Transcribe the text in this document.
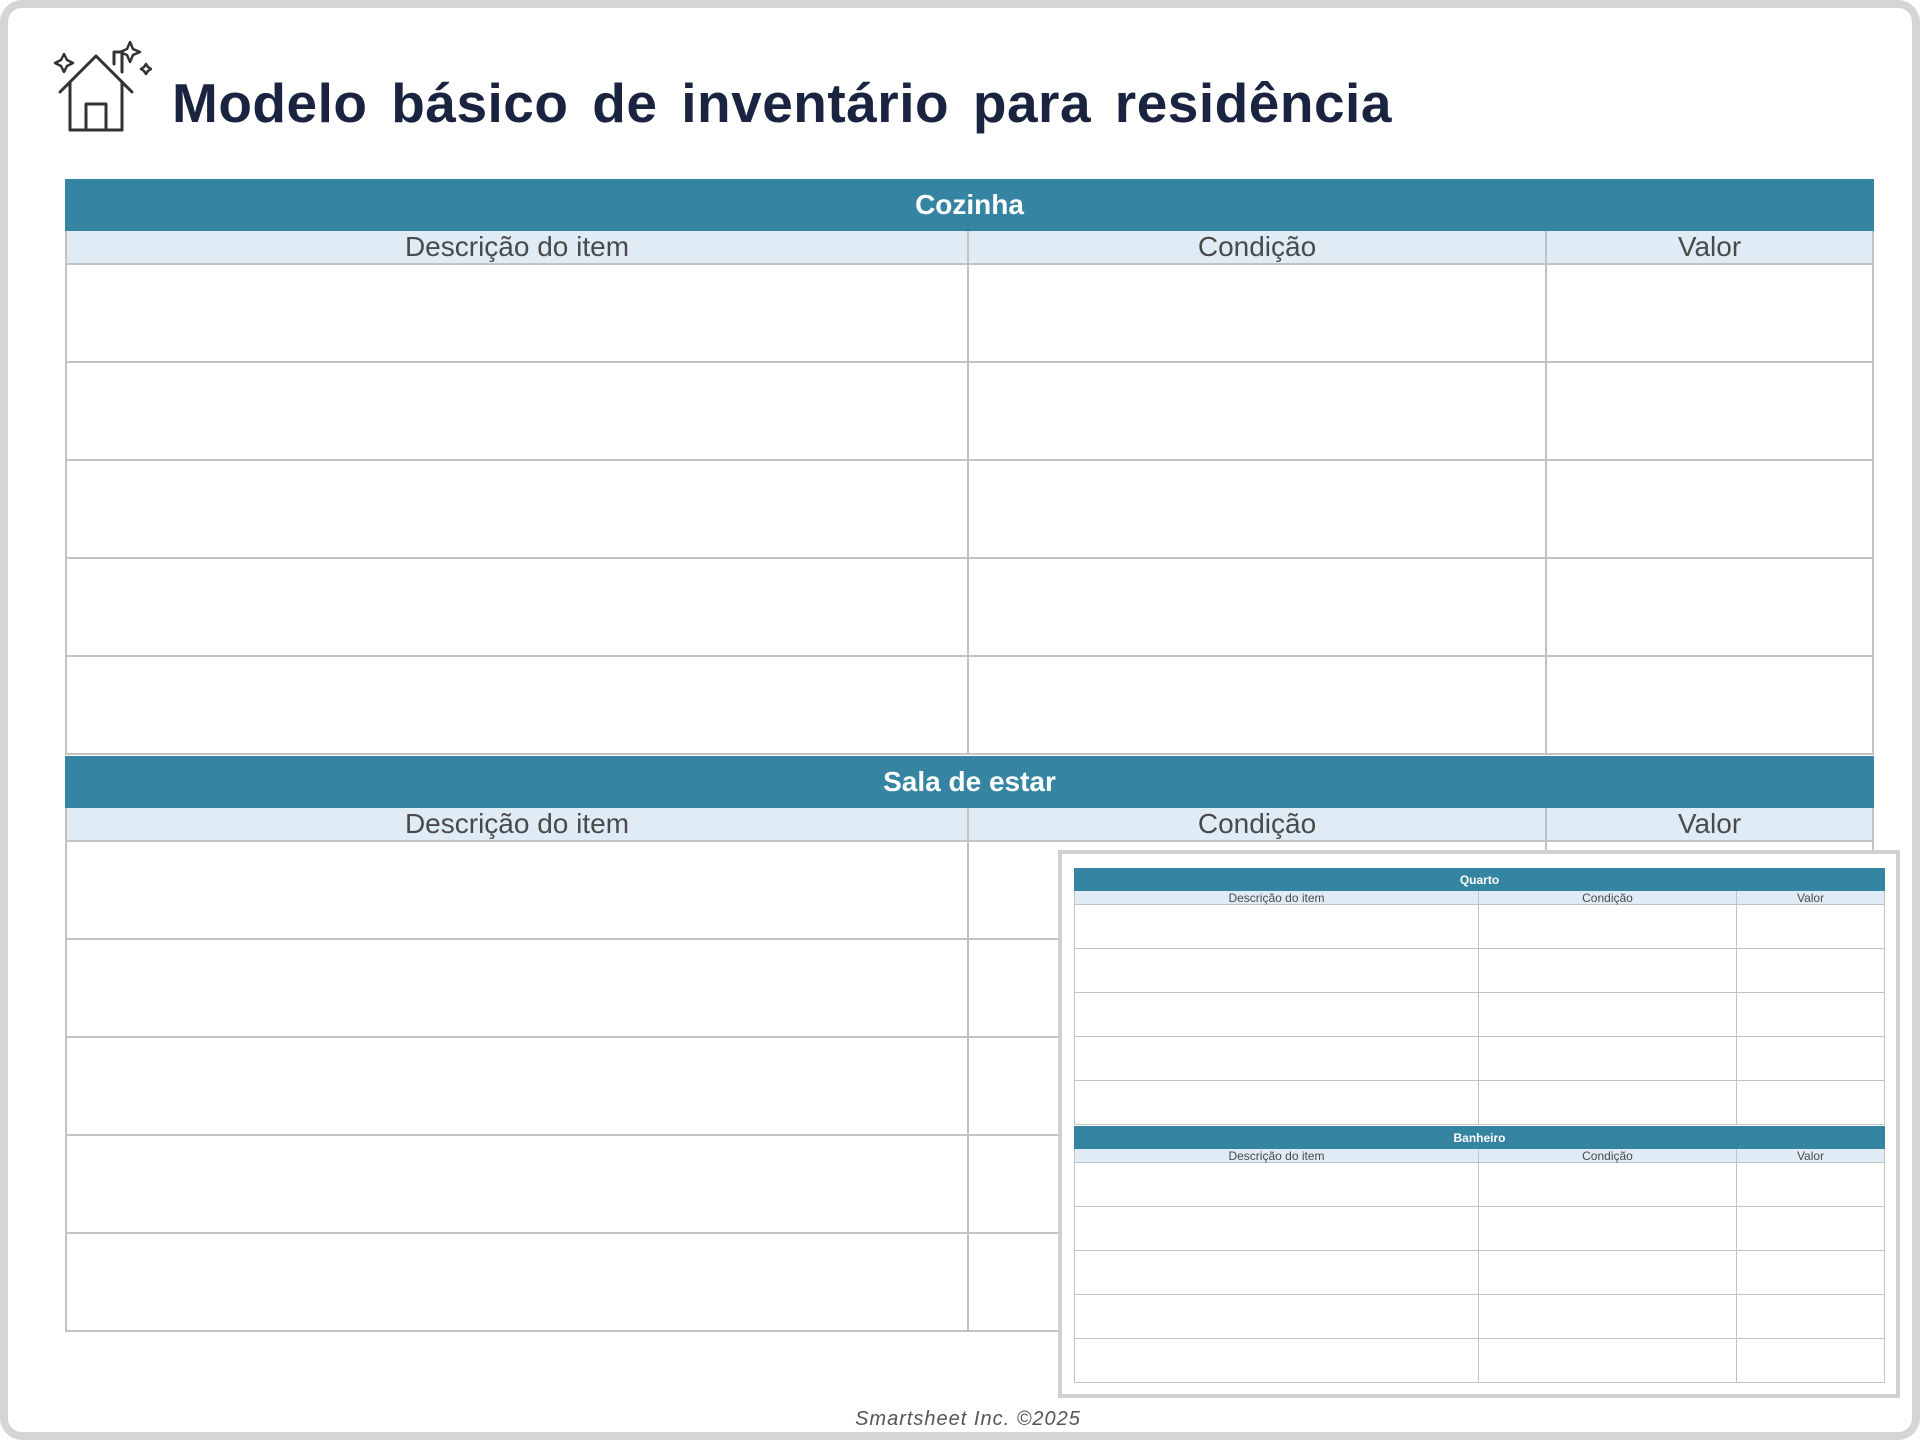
Modelo básico de inventário para residência
Cozinha		
Descrição do item	Condição	Valor

Sala de estar		
Descrição do item	Condição	Valor

Quarto		
Descrição do item	Condição	Valor

Banheiro		
Descrição do item	Condição	Valor

Smartsheet Inc. ©2025
